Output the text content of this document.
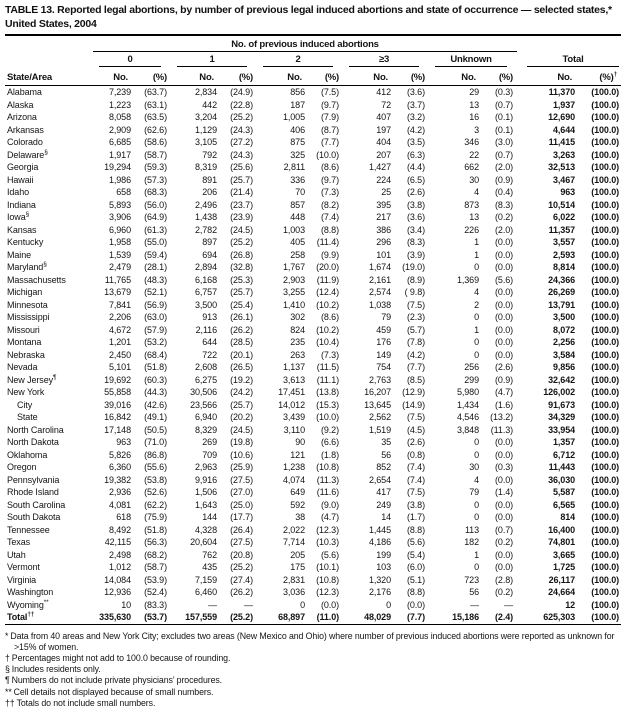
TABLE 13. Reported legal abortions, by number of previous legal induced abortions and state of occurrence — selected states,*
United States, 2004
	No. of previous induced abortions											

	0		1		2		≥3		Unknown		Total	

State/Area	No.	(%)	No.	(%)	No.	(%)	No.	(%)	No.	(%)	No.	(%)†
Alabama	7,239	(63.7)	2,834	(24.9)	856	(7.5)	412	(3.6)	29	(0.3)	11,370	(100.0)
Alaska	1,223	(63.1)	442	(22.8)	187	(9.7)	72	(3.7)	13	(0.7)	1,937	(100.0)
Arizona	8,058	(63.5)	3,204	(25.2)	1,005	(7.9)	407	(3.2)	16	(0.1)	12,690	(100.0)
Arkansas	2,909	(62.6)	1,129	(24.3)	406	(8.7)	197	(4.2)	3	(0.1)	4,644	(100.0)
Colorado	6,685	(58.6)	3,105	(27.2)	875	(7.7)	404	(3.5)	346	(3.0)	11,415	(100.0)
Delaware§	1,917	(58.7)	792	(24.3)	325	(10.0)	207	(6.3)	22	(0.7)	3,263	(100.0)
Georgia	19,294	(59.3)	8,319	(25.6)	2,811	(8.6)	1,427	(4.4)	662	(2.0)	32,513	(100.0)
Hawaii	1,986	(57.3)	891	(25.7)	336	(9.7)	224	(6.5)	30	(0.9)	3,467	(100.0)
Idaho	658	(68.3)	206	(21.4)	70	(7.3)	25	(2.6)	4	(0.4)	963	(100.0)
Indiana	5,893	(56.0)	2,496	(23.7)	857	(8.2)	395	(3.8)	873	(8.3)	10,514	(100.0)
Iowa§	3,906	(64.9)	1,438	(23.9)	448	(7.4)	217	(3.6)	13	(0.2)	6,022	(100.0)
Kansas	6,960	(61.3)	2,782	(24.5)	1,003	(8.8)	386	(3.4)	226	(2.0)	11,357	(100.0)
Kentucky	1,958	(55.0)	897	(25.2)	405	(11.4)	296	(8.3)	1	(0.0)	3,557	(100.0)
Maine	1,539	(59.4)	694	(26.8)	258	(9.9)	101	(3.9)	1	(0.0)	2,593	(100.0)
Maryland§	2,479	(28.1)	2,894	(32.8)	1,767	(20.0)	1,674	(19.0)	0	(0.0)	8,814	(100.0)
Massachusetts	11,765	(48.3)	6,168	(25.3)	2,903	(11.9)	2,161	(8.9)	1,369	(5.6)	24,366	(100.0)
Michigan	13,679	(52.1)	6,757	(25.7)	3,255	(12.4)	2,574	( 9.8)	4	(0.0)	26,269	(100.0)
Minnesota	7,841	(56.9)	3,500	(25.4)	1,410	(10.2)	1,038	(7.5)	2	(0.0)	13,791	(100.0)
Mississippi	2,206	(63.0)	913	(26.1)	302	(8.6)	79	(2.3)	0	(0.0)	3,500	(100.0)
Missouri	4,672	(57.9)	2,116	(26.2)	824	(10.2)	459	(5.7)	1	(0.0)	8,072	(100.0)
Montana	1,201	(53.2)	644	(28.5)	235	(10.4)	176	(7.8)	0	(0.0)	2,256	(100.0)
Nebraska	2,450	(68.4)	722	(20.1)	263	(7.3)	149	(4.2)	0	(0.0)	3,584	(100.0)
Nevada	5,101	(51.8)	2,608	(26.5)	1,137	(11.5)	754	(7.7)	256	(2.6)	9,856	(100.0)
New Jersey¶	19,692	(60.3)	6,275	(19.2)	3,613	(11.1)	2,763	(8.5)	299	(0.9)	32,642	(100.0)
New York	55,858	(44.3)	30,506	(24.2)	17,451	(13.8)	16,207	(12.9)	5,980	(4.7)	126,002	(100.0)
City	39,016	(42.6)	23,566	(25.7)	14,012	(15.3)	13,645	(14.9)	1,434	(1.6)	91,673	(100.0)
State	16,842	(49.1)	6,940	(20.2)	3,439	(10.0)	2,562	(7.5)	4,546	(13.2)	34,329	(100.0)
North Carolina	17,148	(50.5)	8,329	(24.5)	3,110	(9.2)	1,519	(4.5)	3,848	(11.3)	33,954	(100.0)
North Dakota	963	(71.0)	269	(19.8)	90	(6.6)	35	(2.6)	0	(0.0)	1,357	(100.0)
Oklahoma	5,826	(86.8)	709	(10.6)	121	(1.8)	56	(0.8)	0	(0.0)	6,712	(100.0)
Oregon	6,360	(55.6)	2,963	(25.9)	1,238	(10.8)	852	(7.4)	30	(0.3)	11,443	(100.0)
Pennsylvania	19,382	(53.8)	9,916	(27.5)	4,074	(11.3)	2,654	(7.4)	4	(0.0)	36,030	(100.0)
Rhode Island	2,936	(52.6)	1,506	(27.0)	649	(11.6)	417	(7.5)	79	(1.4)	5,587	(100.0)
South Carolina	4,081	(62.2)	1,643	(25.0)	592	(9.0)	249	(3.8)	0	(0.0)	6,565	(100.0)
South Dakota	618	(75.9)	144	(17.7)	38	(4.7)	14	(1.7)	0	(0.0)	814	(100.0)
Tennessee	8,492	(51.8)	4,328	(26.4)	2,022	(12.3)	1,445	(8.8)	113	(0.7)	16,400	(100.0)
Texas	42,115	(56.3)	20,604	(27.5)	7,714	(10.3)	4,186	(5.6)	182	(0.2)	74,801	(100.0)
Utah	2,498	(68.2)	762	(20.8)	205	(5.6)	199	(5.4)	1	(0.0)	3,665	(100.0)
Vermont	1,012	(58.7)	435	(25.2)	175	(10.1)	103	(6.0)	0	(0.0)	1,725	(100.0)
Virginia	14,084	(53.9)	7,159	(27.4)	2,831	(10.8)	1,320	(5.1)	723	(2.8)	26,117	(100.0)
Washington	12,936	(52.4)	6,460	(26.2)	3,036	(12.3)	2,176	(8.8)	56	(0.2)	24,664	(100.0)
Wyoming**	10	(83.3)	—	—	0	(0.0)	0	(0.0)	—	—	12	(100.0)
Total††	335,630	(53.7)	157,559	(25.2)	68,897	(11.0)	48,029	(7.7)	15,186	(2.4)	625,303	(100.0)
* Data from 40 areas and New York City; excludes two areas (New Mexico and Ohio) where number of previous induced abortions were reported as unknown for >15% of women.
† Percentages might not add to 100.0 because of rounding.
§ Includes residents only.
¶ Numbers do not include private physicians’ procedures.
** Cell details not displayed because of small numbers.
†† Totals do not include small numbers.
